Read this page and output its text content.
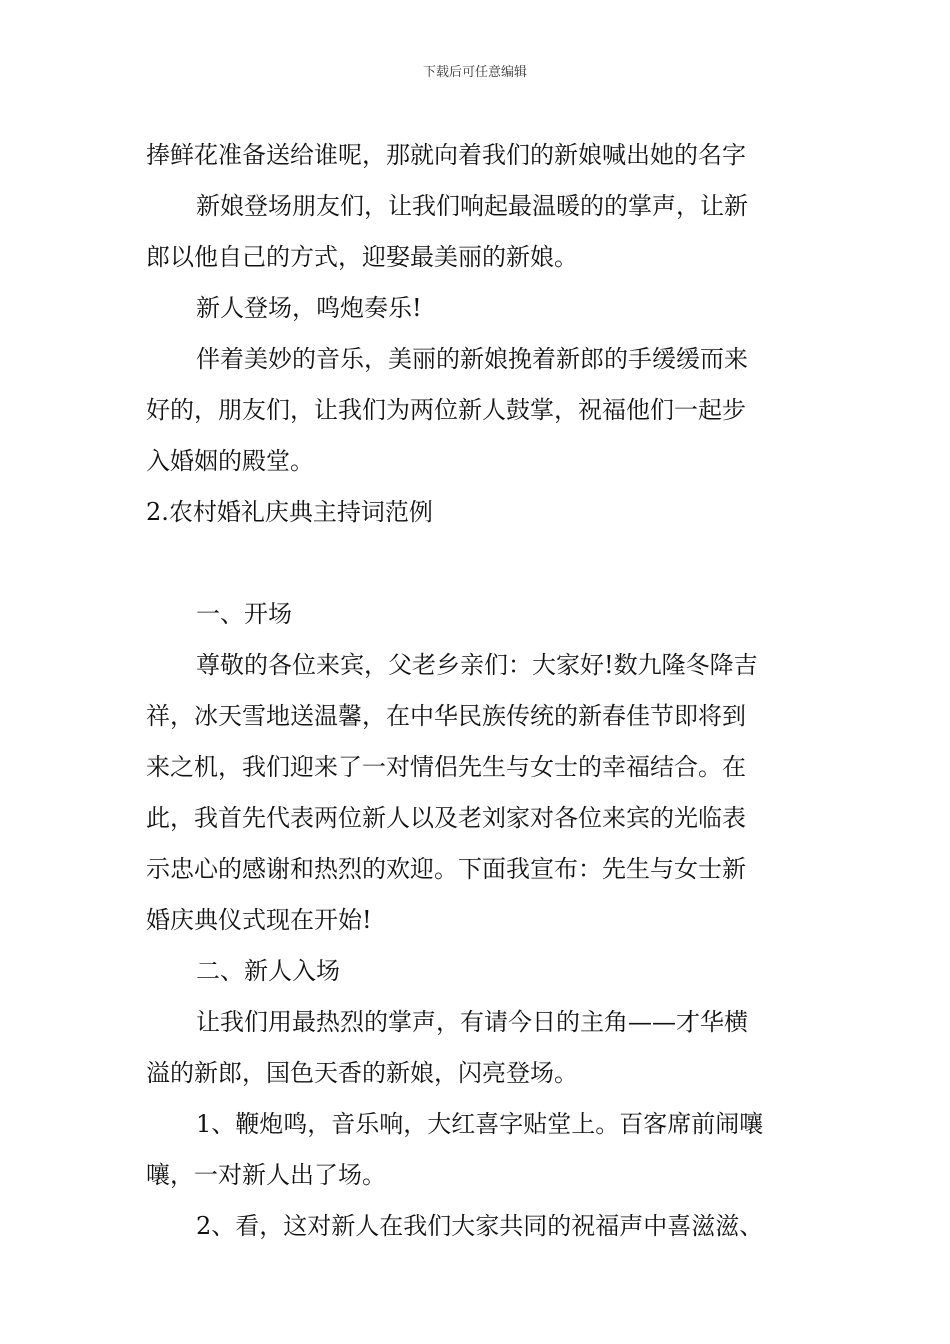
下载后可任意编辑
捧鲜花准备送给谁呢，那就向着我们的新娘喊出她的名字
新娘登场朋友们，让我们响起最温暖的的掌声，让新
郎以他自己的方式，迎娶最美丽的新娘。
新人登场，鸣炮奏乐!
伴着美妙的音乐，美丽的新娘挽着新郎的手缓缓而来
好的，朋友们，让我们为两位新人鼓掌，祝福他们一起步
入婚姻的殿堂。
2.农村婚礼庆典主持词范例
一、开场
尊敬的各位来宾，父老乡亲们：大家好!数九隆冬降吉
祥，冰天雪地送温馨，在中华民族传统的新春佳节即将到
来之机，我们迎来了一对情侣先生与女士的幸福结合。在
此，我首先代表两位新人以及老刘家对各位来宾的光临表
示忠心的感谢和热烈的欢迎。下面我宣布：先生与女士新
婚庆典仪式现在开始!
二、新人入场
让我们用最热烈的掌声，有请今日的主角——才华横
溢的新郎，国色天香的新娘，闪亮登场。
1、鞭炮鸣，音乐响，大红喜字贴堂上。百客席前闹嚷
嚷，一对新人出了场。
2、看，这对新人在我们大家共同的祝福声中喜滋滋、
